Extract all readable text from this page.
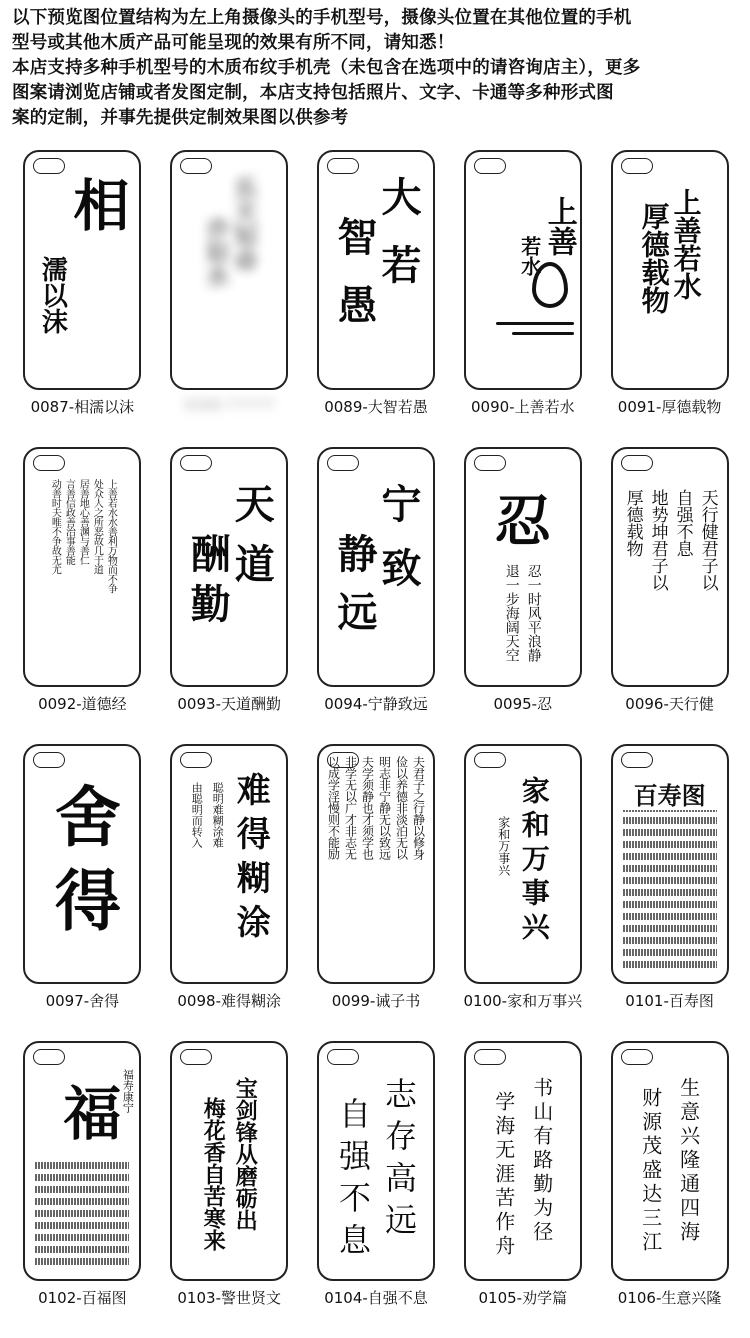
以下预览图位置结构为左上角摄像头的手机型号，摄像头位置在其他位置的手机

型号或其他木质产品可能呈现的效果有所不同，请知悉！

本店支持多种手机型号的木质布纹手机壳（未包含在选项中的请咨询店主），更多

图案请浏览店铺或者发图定制，本店支持包括照片、文字、卡通等多种形式图

案的定制，并事先提供定制效果图以供参考

相
濡以沫
0087-相濡以沫
乐天知命
亦如水
0088-??????
大若
智愚
0089-大智若愚
上善
若水
0090-上善若水
上善若水
厚德载物
0091-厚德载物
上善若水水善利万物而不争
处众人之所恶故几于道
居善地心善渊与善仁
言善信政善治事善能
动善时夫唯不争故无尤
0092-道德经
天道
酬勤
0093-天道酬勤
宁致
静远
0094-宁静致远
忍
忍一时风平浪静
退一步海阔天空
0095-忍
天行健君子以
自强不息
地势坤君子以
厚德载物
0096-天行健
舍得
0097-舍得
难得糊涂
聪明难糊涂难
由聪明而转入
0098-难得糊涂
夫君子之行静以修身
俭以养德非淡泊无以
明志非宁静无以致远
夫学须静也才须学也
非学无以广才非志无
以成学淫慢则不能励
0099-诫子书
家和万事兴
家和万事兴
0100-家和万事兴
百寿图
0101-百寿图
福寿康宁
福
0102-百福图
宝剑锋从磨砺出
梅花香自苦寒来
0103-警世贤文
志存高远
自强不息
0104-自强不息
书山有路勤为径
学海无涯苦作舟
0105-劝学篇
生意兴隆通四海
财源茂盛达三江
0106-生意兴隆
